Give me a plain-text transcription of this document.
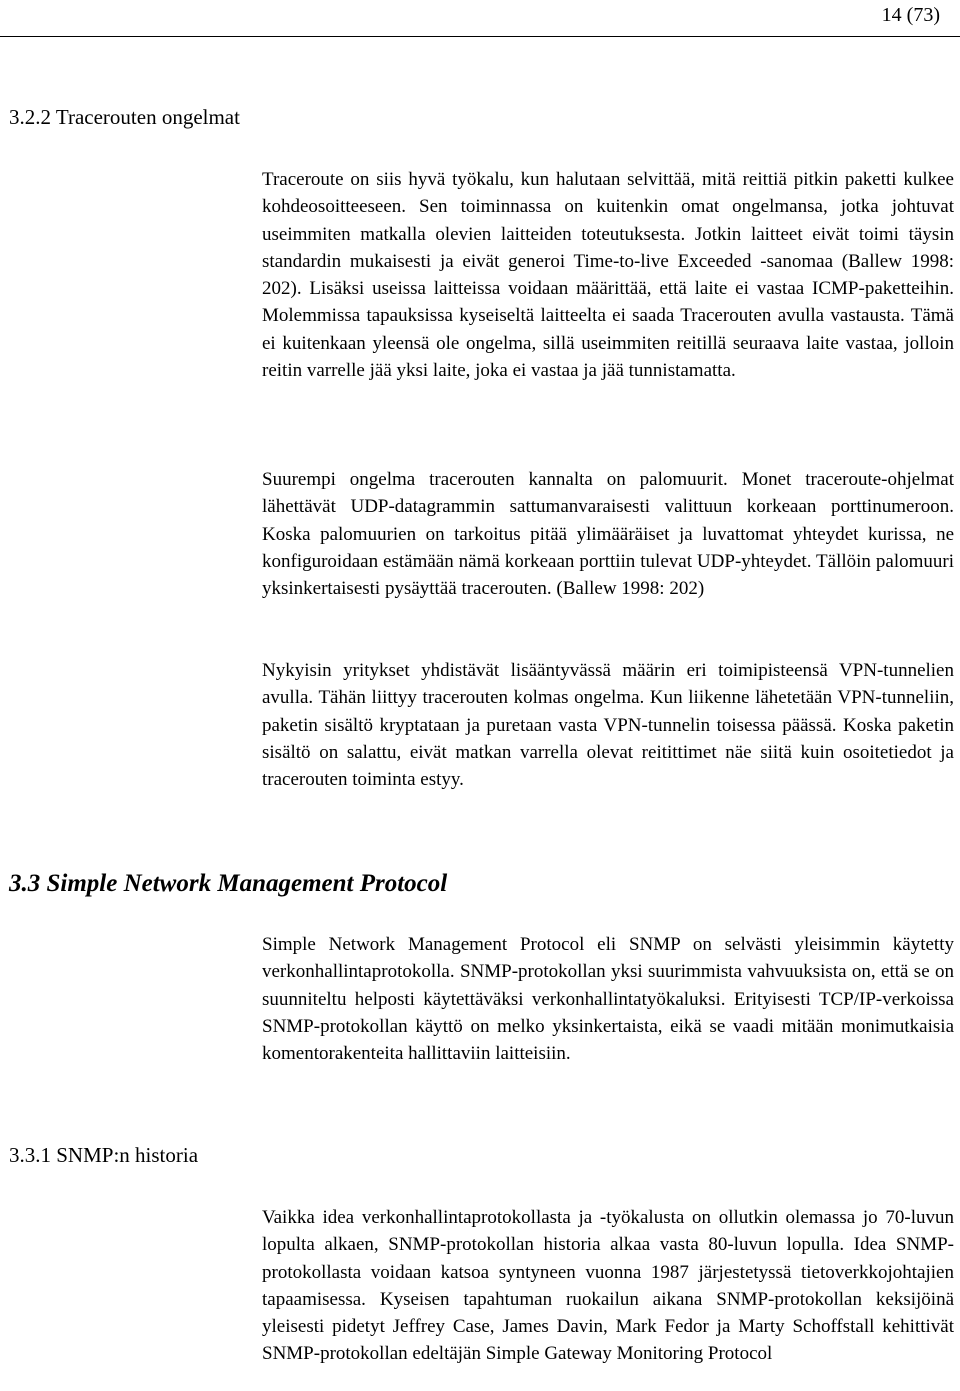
14 (73)
3.2.2 Tracerouten ongelmat

Traceroute on siis hyvä työkalu, kun halutaan selvittää, mitä reittiä pitkin paketti kulkee kohdeosoitteeseen. Sen toiminnassa on kuitenkin omat ongelmansa, jotka johtuvat useimmiten matkalla olevien laitteiden toteutuksesta. Jotkin laitteet eivät toimi täysin standardin mukaisesti ja eivät generoi Time-to-live Exceeded -sanomaa (Ballew 1998: 202). Lisäksi useissa laitteissa voidaan määrittää, että laite ei vastaa ICMP-paketteihin. Molemmissa tapauksissa kyseiseltä laitteelta ei saada Tracerouten avulla vastausta. Tämä ei kuitenkaan yleensä ole ongelma, sillä useimmiten reitillä seuraava laite vastaa, jolloin reitin varrelle jää yksi laite, joka ei vastaa ja jää tunnistamatta.

Suurempi ongelma tracerouten kannalta on palomuurit. Monet traceroute-ohjelmat lähettävät UDP-datagrammin sattumanvaraisesti valittuun korkeaan porttinumeroon. Koska palomuurien on tarkoitus pitää ylimääräiset ja luvattomat yhteydet kurissa, ne konfiguroidaan estämään nämä korkeaan porttiin tulevat UDP-yhteydet. Tällöin palomuuri yksinkertaisesti pysäyttää tracerouten. (Ballew 1998: 202)

Nykyisin yritykset yhdistävät lisääntyvässä määrin eri toimipisteensä VPN-tunnelien avulla. Tähän liittyy tracerouten kolmas ongelma. Kun liikenne lähetetään VPN-tunneliin, paketin sisältö kryptataan ja puretaan vasta VPN-tunnelin toisessa päässä. Koska paketin sisältö on salattu, eivät matkan varrella olevat reitittimet näe siitä kuin osoitetiedot ja tracerouten toiminta estyy.

3.3 Simple Network Management Protocol

Simple Network Management Protocol eli SNMP on selvästi yleisimmin käytetty verkonhallintaprotokolla. SNMP-protokollan yksi suurimmista vahvuuksista on, että se on suunniteltu helposti käytettäväksi verkonhallintatyökaluksi. Erityisesti TCP/IP-verkoissa SNMP-protokollan käyttö on melko yksinkertaista, eikä se vaadi mitään monimutkaisia komentorakenteita hallittaviin laitteisiin.

3.3.1 SNMP:n historia

Vaikka idea verkonhallintaprotokollasta ja -työkalusta on ollutkin olemassa jo 70-luvun lopulta alkaen, SNMP-protokollan historia alkaa vasta 80-luvun lopulla. Idea SNMP-protokollasta voidaan katsoa syntyneen vuonna 1987 järjestetyssä tietoverkkojohtajien tapaamisessa. Kyseisen tapahtuman ruokailun aikana SNMP-protokollan keksijöinä yleisesti pidetyt Jeffrey Case, James Davin, Mark Fedor ja Marty Schoffstall kehittivät SNMP-protokollan edeltäjän Simple Gateway Monitoring Protocol
